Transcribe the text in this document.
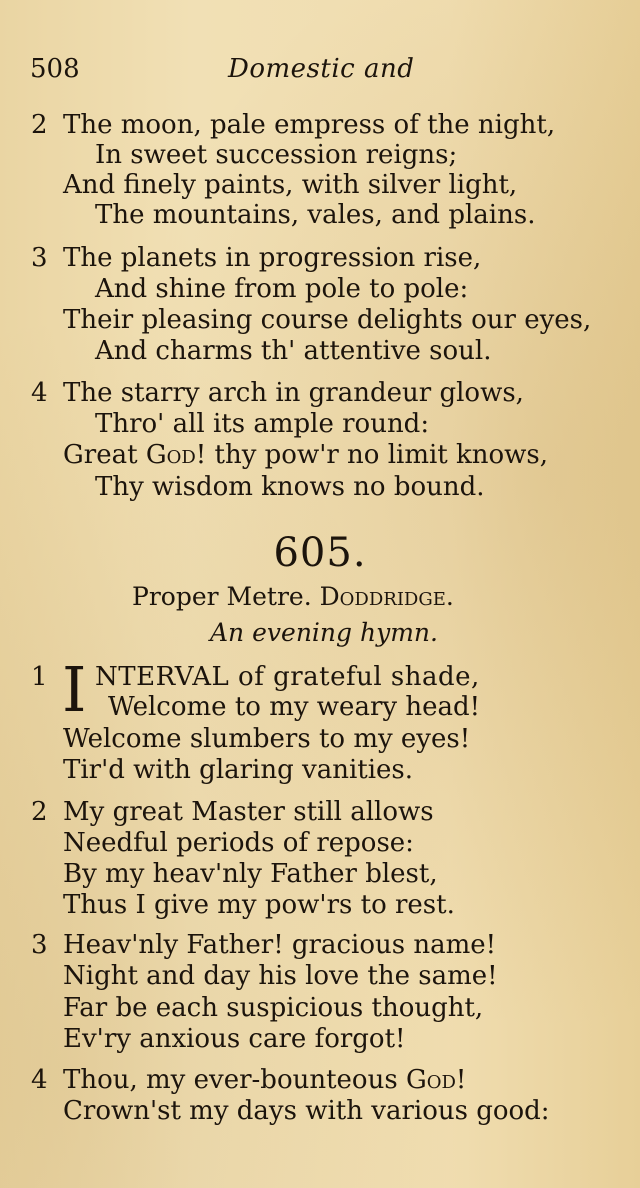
508	Domestic and
2 The moon, pale empress of the night,
In sweet succession reigns;
And finely paints, with silver light,
The mountains, vales, and plains.
3 The planets in progression rise,
And shine from pole to pole:
Their pleasing course delights our eyes,
And charms th' attentive soul.
4 The starry arch in grandeur glows,
Thro' all its ample round:
Great God! thy pow'r no limit knows,
Thy wisdom knows no bound.
605.
Proper Metre. Doddridge.
An evening hymn.
1 I NTERVAL of grateful shade,
Welcome to my weary head!
Welcome slumbers to my eyes!
Tir'd with glaring vanities.
2 My great Master still allows
Needful periods of repose:
By my heav'nly Father blest,
Thus I give my pow'rs to rest.
3 Heav'nly Father! gracious name!
Night and day his love the same!
Far be each suspicious thought,
Ev'ry anxious care forgot!
4 Thou, my ever-bounteous God!
Crown'st my days with various good:
